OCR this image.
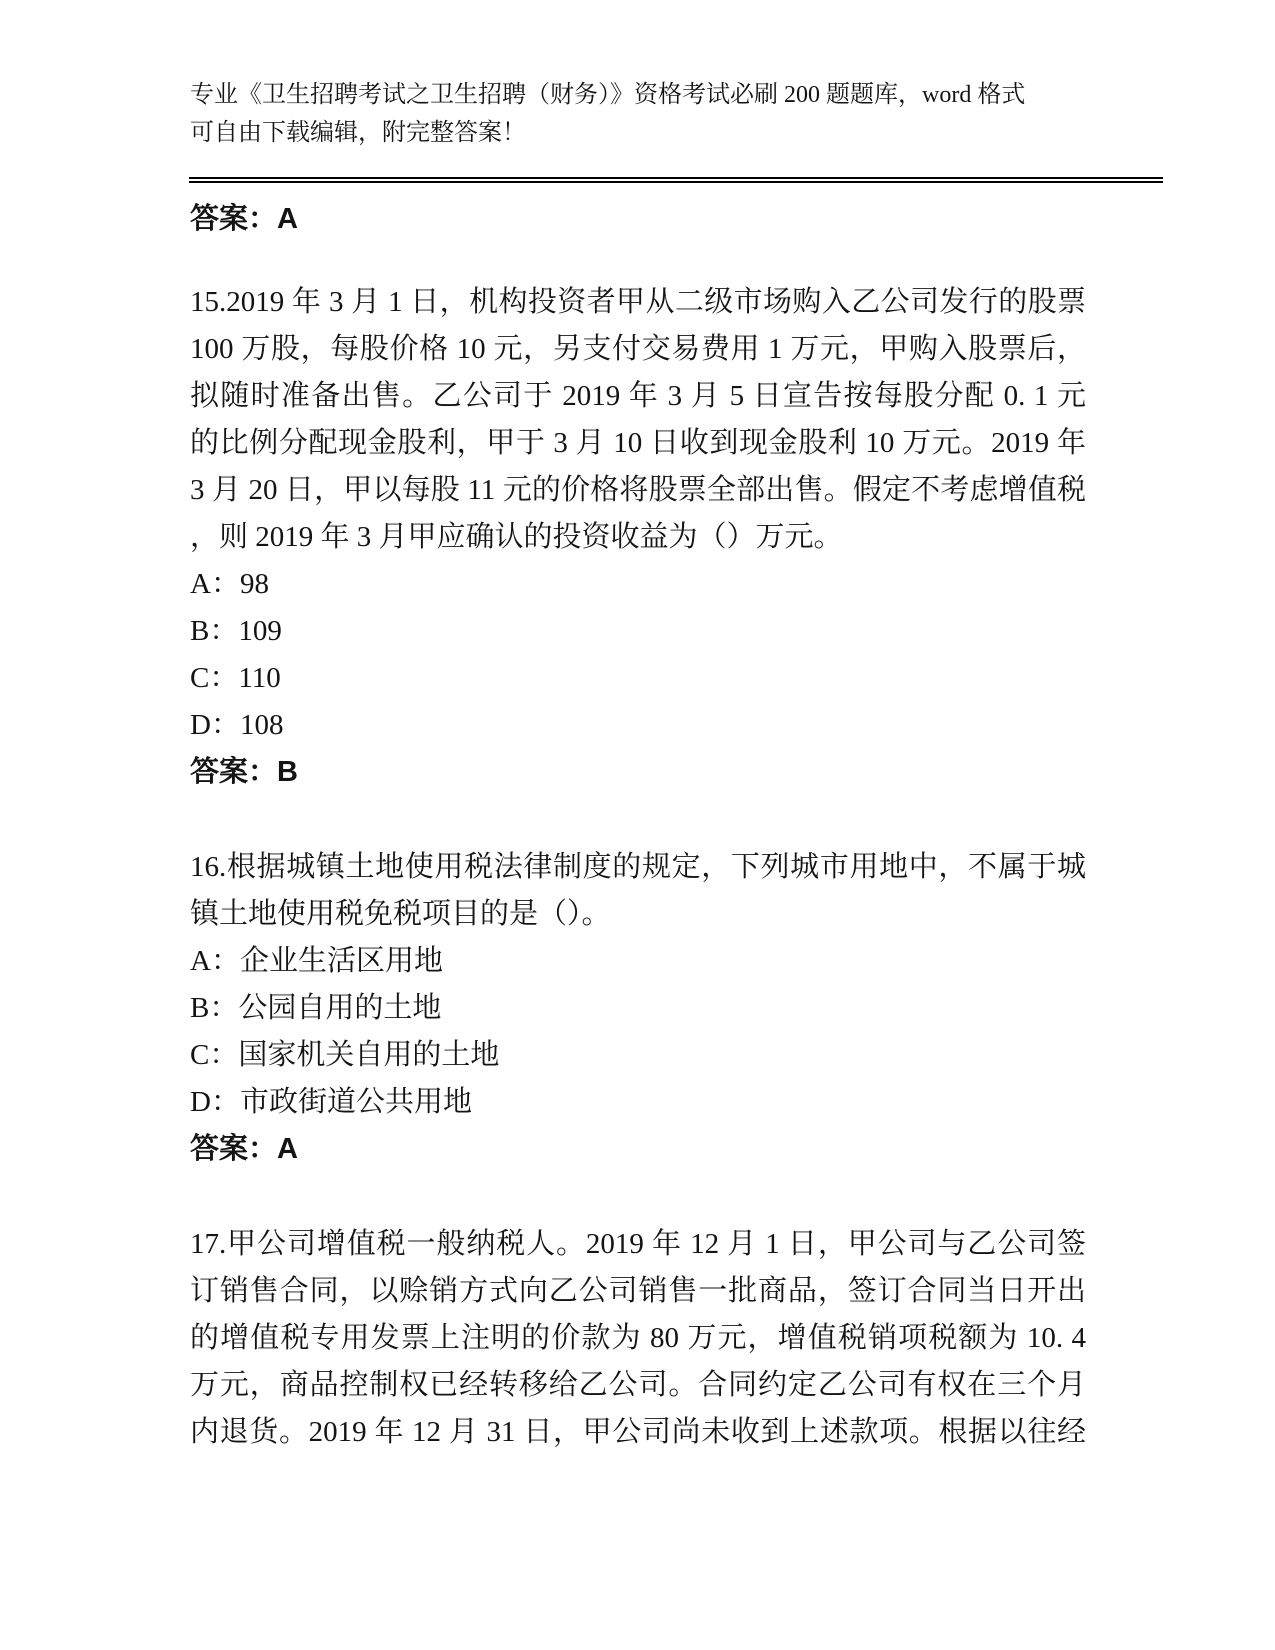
专业《卫生招聘考试之卫生招聘（财务）》资格考试必刷 200 题题库，word 格式
可自由下载编辑，附完整答案！
答案：A
15.2019 年 3 月 1 日，机构投资者甲从二级市场购入乙公司发行的股票
100 万股，每股价格 10 元，另支付交易费用 1 万元，甲购入股票后，
拟随时准备出售。乙公司于 2019 年 3 月 5 日宣告按每股分配 0. 1 元
的比例分配现金股利，甲于 3 月 10 日收到现金股利 10 万元。2019 年
3 月 20 日，甲以每股 11 元的价格将股票全部出售。假定不考虑增值税
，则 2019 年 3 月甲应确认的投资收益为（）万元。
A：98
B：109
C：110
D：108
答案：B
16.根据城镇土地使用税法律制度的规定，下列城市用地中，不属于城
镇土地使用税免税项目的是（）。
A：企业生活区用地
B：公园自用的土地
C：国家机关自用的土地
D：市政街道公共用地
答案：A
17.甲公司增值税一般纳税人。2019 年 12 月 1 日，甲公司与乙公司签
订销售合同，以赊销方式向乙公司销售一批商品，签订合同当日开出
的增值税专用发票上注明的价款为 80 万元，增值税销项税额为 10. 4
万元，商品控制权已经转移给乙公司。合同约定乙公司有权在三个月
内退货。2019 年 12 月 31 日，甲公司尚未收到上述款项。根据以往经
